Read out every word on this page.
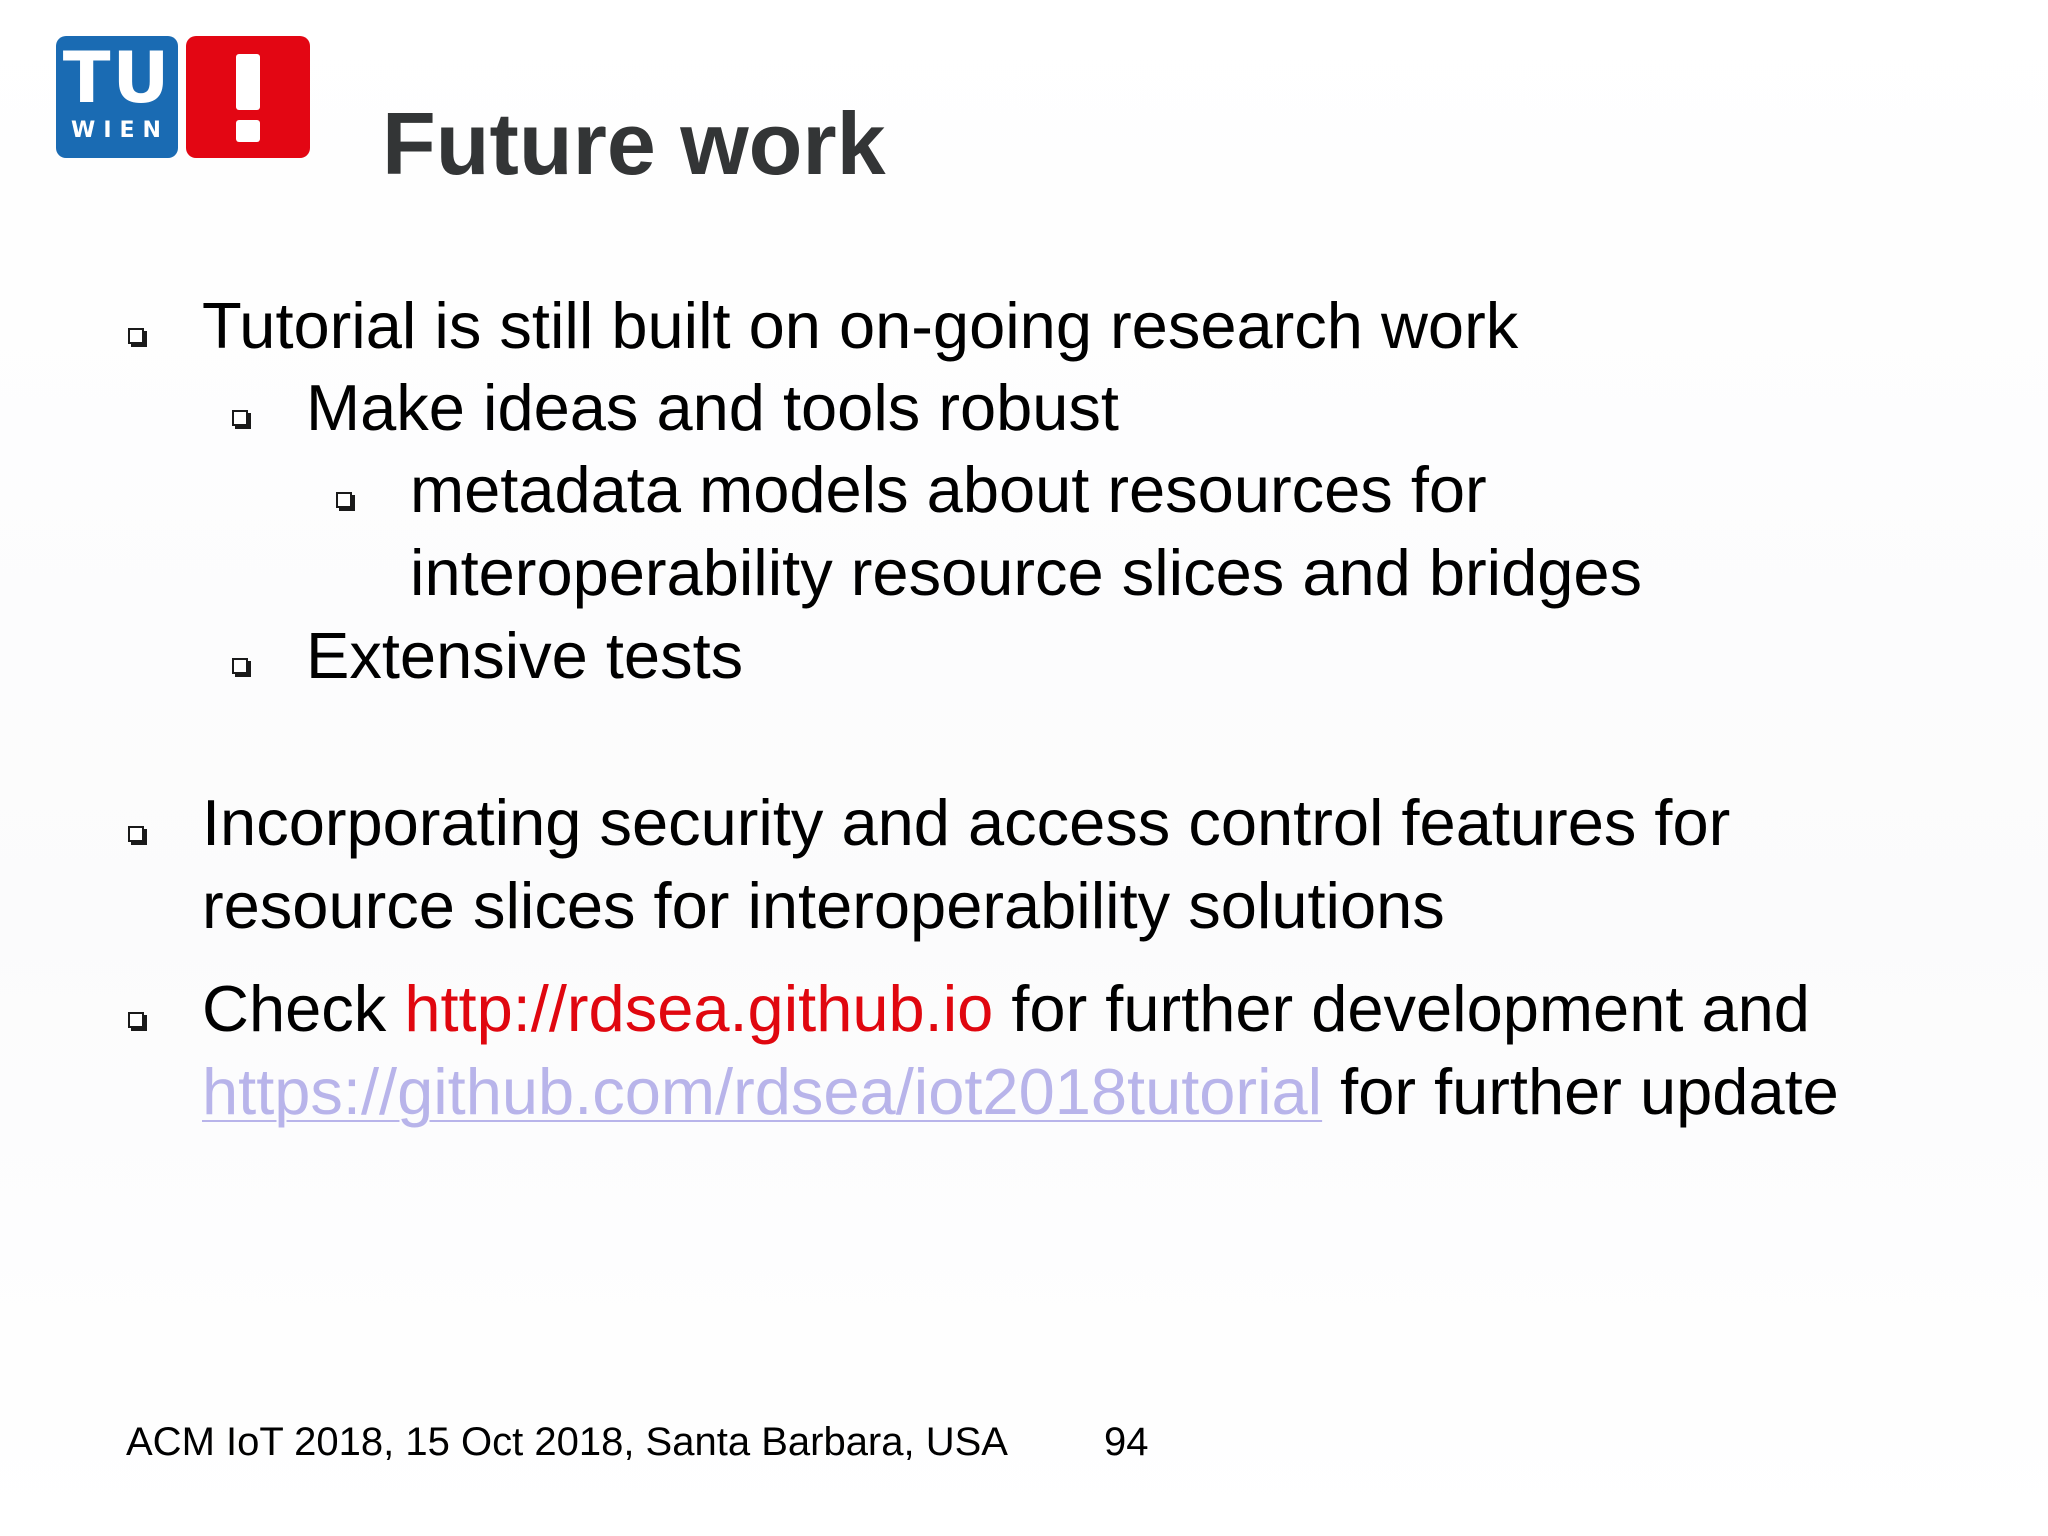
TU
WIEN Future work
Tutorial is still built on on-going research work
Make ideas and tools robust
metadata models about resources for
interoperability resource slices and bridges
Extensive tests
Incorporating security and access control features for
resource slices for interoperability solutions
Check http://rdsea.github.io for further development and
https://github.com/rdsea/iot2018tutorial for further update
ACM IoT 2018, 15 Oct 2018, Santa Barbara, USA 94
